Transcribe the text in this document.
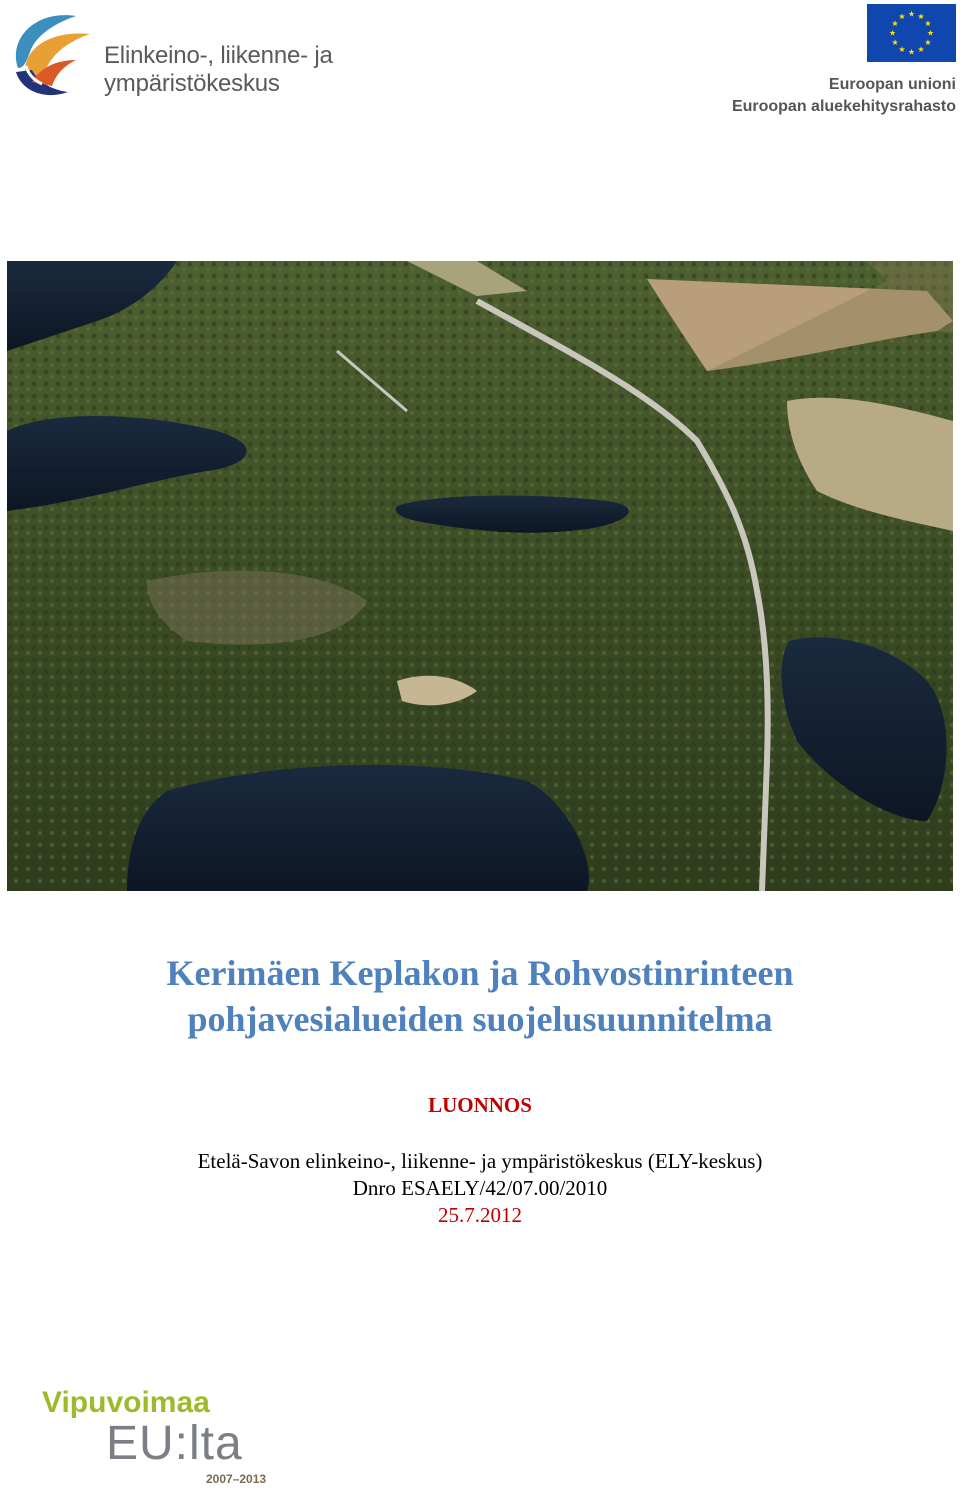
Elinkeino-, liikenne- ja
ympäristökeskus	Euroopan unioni
Euroopan aluekehitysrahasto
Kerimäen Keplakon ja Rohvostinrinteen
pohjavesialueiden suojelusuunnitelma
LUONNOS
Etelä-Savon elinkeino-, liikenne- ja ympäristökeskus (ELY-keskus)
Dnro ESAELY/42/07.00/2010
25.7.2012
Vipuvoimaa
EU:lta
2007–2013
